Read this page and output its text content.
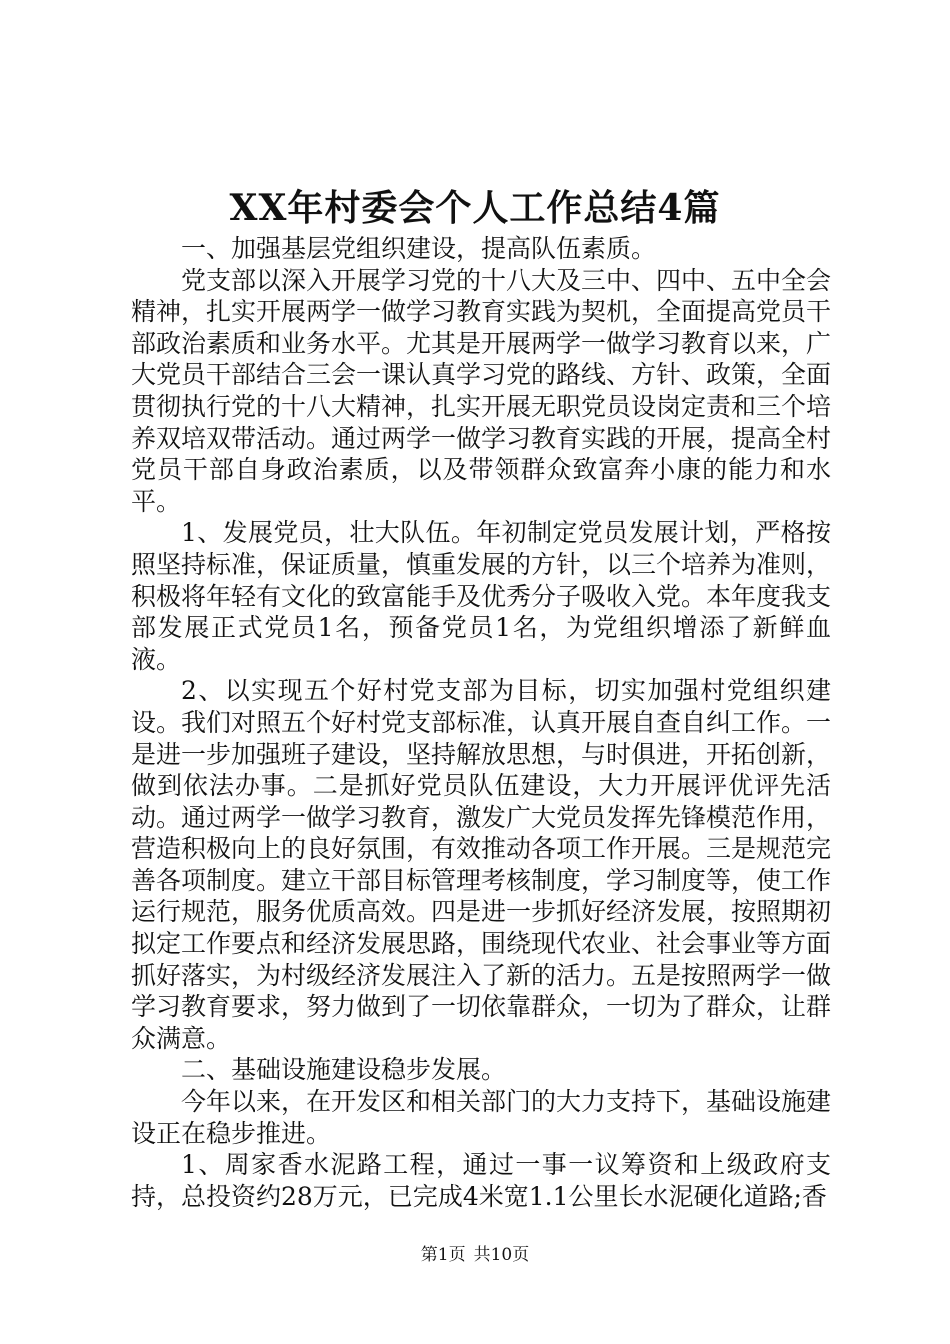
XX年村委会个人工作总结4篇

一、加强基层党组织建设，提高队伍素质。

党支部以深入开展学习党的十八大及三中、四中、五中全会精神，扎实开展两学一做学习教育实践为契机，全面提高党员干部政治素质和业务水平。尤其是开展两学一做学习教育以来，广大党员干部结合三会一课认真学习党的路线、方针、政策，全面贯彻执行党的十八大精神，扎实开展无职党员设岗定责和三个培养双培双带活动。通过两学一做学习教育实践的开展，提高全村党员干部自身政治素质，以及带领群众致富奔小康的能力和水平。

1、发展党员，壮大队伍。年初制定党员发展计划，严格按照坚持标准，保证质量，慎重发展的方针，以三个培养为准则，积极将年轻有文化的致富能手及优秀分子吸收入党。本年度我支部发展正式党员1名，预备党员1名，为党组织增添了新鲜血液。

2、以实现五个好村党支部为目标，切实加强村党组织建设。我们对照五个好村党支部标准，认真开展自查自纠工作。一是进一步加强班子建设，坚持解放思想，与时俱进，开拓创新，做到依法办事。二是抓好党员队伍建设，大力开展评优评先活动。通过两学一做学习教育，激发广大党员发挥先锋模范作用，营造积极向上的良好氛围，有效推动各项工作开展。三是规范完善各项制度。建立干部目标管理考核制度，学习制度等，使工作运行规范，服务优质高效。四是进一步抓好经济发展，按照期初拟定工作要点和经济发展思路，围绕现代农业、社会事业等方面抓好落实，为村级经济发展注入了新的活力。五是按照两学一做学习教育要求，努力做到了一切依靠群众，一切为了群众，让群众满意。

二、基础设施建设稳步发展。

今年以来，在开发区和相关部门的大力支持下，基础设施建设正在稳步推进。

1、周家香水泥路工程，通过一事一议筹资和上级政府支持，总投资约28万元，已完成4米宽1.1公里长水泥硬化道路;香

第1页 共10页
